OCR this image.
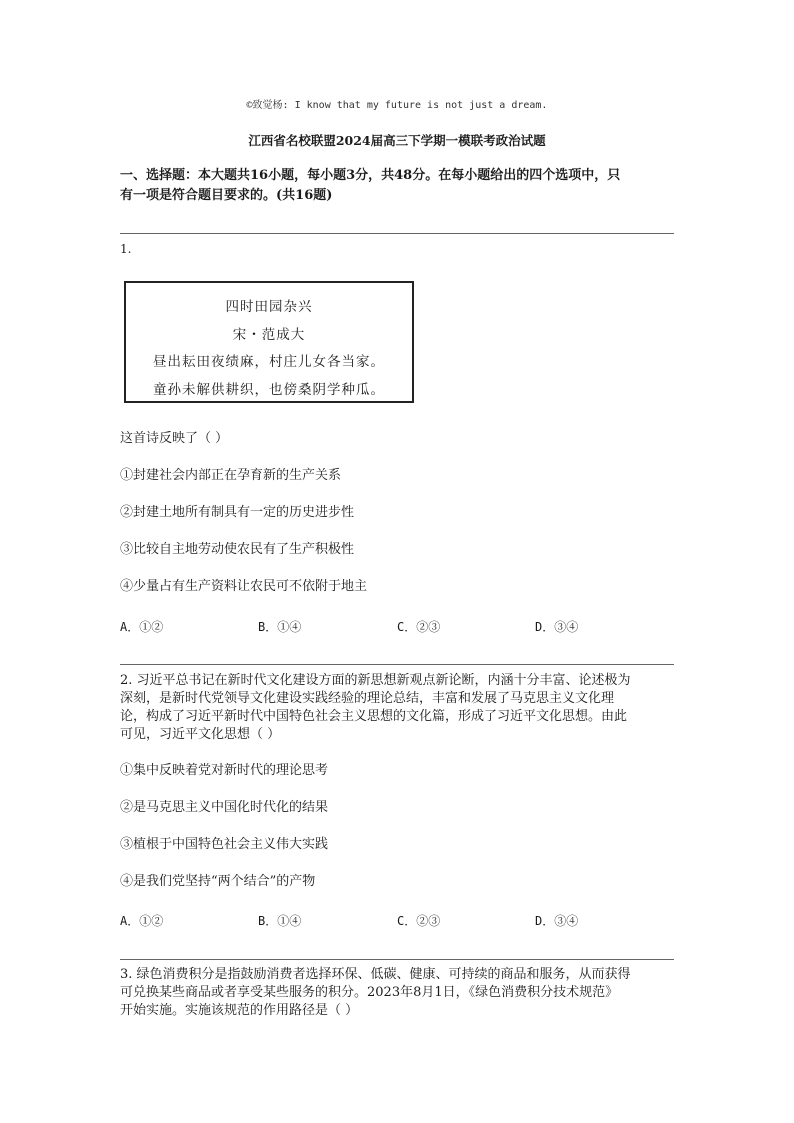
©致觉杨: I know that my future is not just a dream.
江西省名校联盟2024届高三下学期一模联考政治试题
一、选择题：本大题共16小题，每小题3分，共48分。在每小题给出的四个选项中，只
有一项是符合题目要求的。(共16题)
1.
四时田园杂兴
宋・范成大
昼出耘田夜绩麻，村庄儿女各当家。
童孙未解供耕织，也傍桑阴学种瓜。
这首诗反映了（ ）
①封建社会内部正在孕育新的生产关系
②封建土地所有制具有一定的历史进步性
③比较自主地劳动使农民有了生产积极性
④少量占有生产资料让农民可不依附于地主
A．①②	B．①④	C．②③	D．③④
2. 习近平总书记在新时代文化建设方面的新思想新观点新论断，内涵十分丰富、论述极为
深刻，是新时代党领导文化建设实践经验的理论总结，丰富和发展了马克思主义文化理
论，构成了习近平新时代中国特色社会主义思想的文化篇，形成了习近平文化思想。由此
可见，习近平文化思想（ ）
①集中反映着党对新时代的理论思考
②是马克思主义中国化时代化的结果
③植根于中国特色社会主义伟大实践
④是我们党坚持“两个结合”的产物
A．①②	B．①④	C．②③	D．③④
3. 绿色消费积分是指鼓励消费者选择环保、低碳、健康、可持续的商品和服务，从而获得
可兑换某些商品或者享受某些服务的积分。2023年8月1日，《绿色消费积分技术规范》
开始实施。实施该规范的作用路径是（ ）
